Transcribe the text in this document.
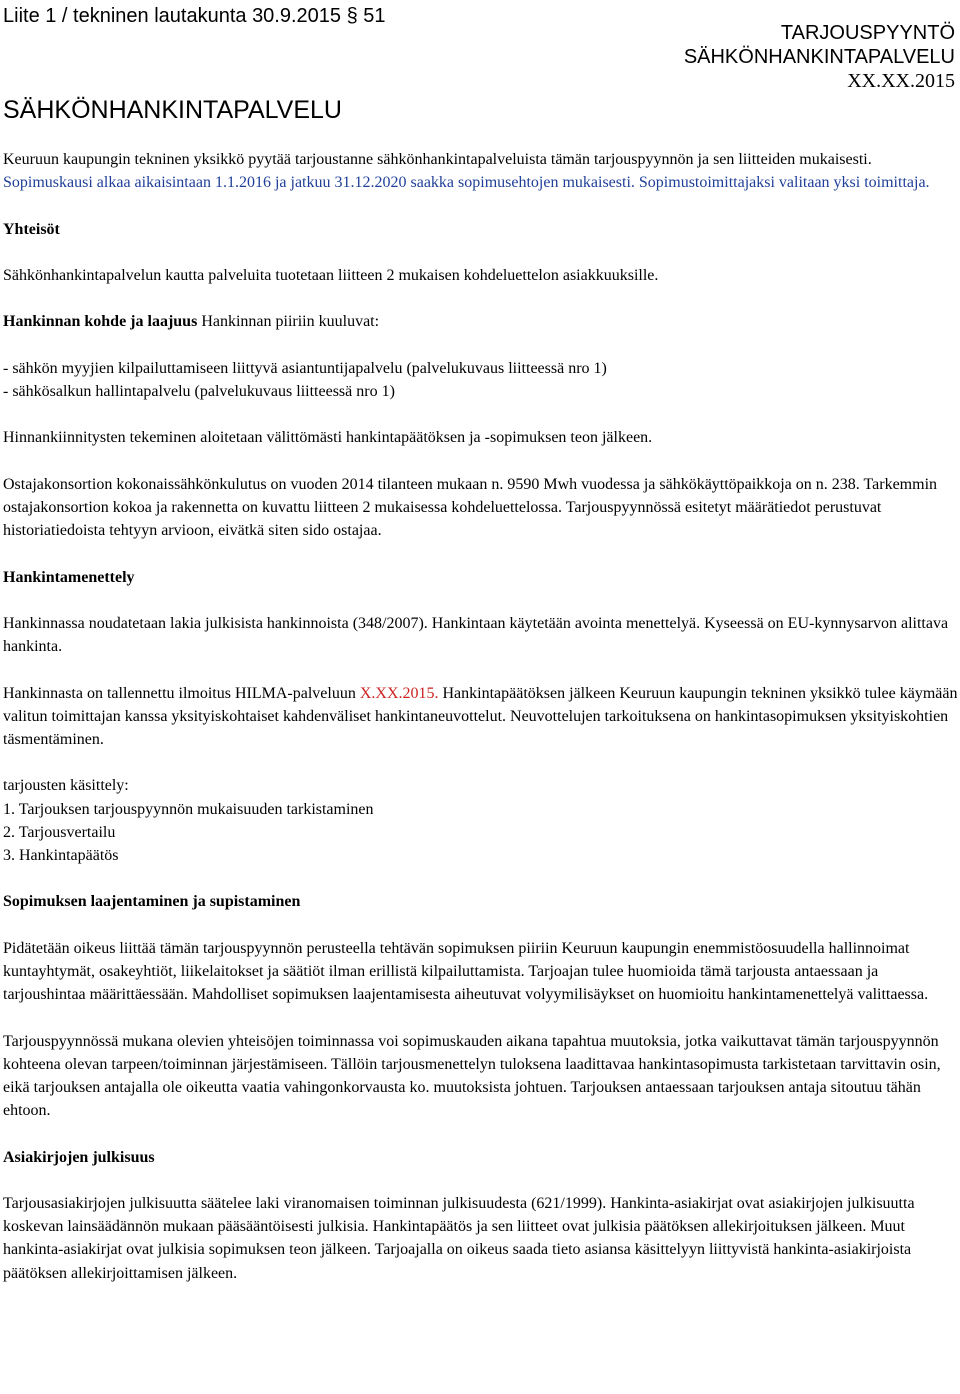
Liite 1 / tekninen lautakunta 30.9.2015 § 51
TARJOUSPYYNTÖ
SÄHKÖNHANKINTAPALVELU
XX.XX.2015
SÄHKÖNHANKINTAPALVELU

Keuruun kaupungin tekninen yksikkö pyytää tarjoustanne sähkönhankintapalveluista tämän tarjouspyynnön ja sen liitteiden mukaisesti. Sopimuskausi alkaa aikaisintaan 1.1.2016 ja jatkuu 31.12.2020 saakka sopimusehtojen mukaisesti. Sopimustoimittajaksi valitaan yksi toimittaja.

Yhteisöt

Sähkönhankintapalvelun kautta palveluita tuotetaan liitteen 2 mukaisen kohdeluettelon asiakkuuksille.

Hankinnan kohde ja laajuus Hankinnan piiriin kuuluvat:

- sähkön myyjien kilpailuttamiseen liittyvä asiantuntijapalvelu (palvelukuvaus liitteessä nro 1)

- sähkösalkun hallintapalvelu (palvelukuvaus liitteessä nro 1)

Hinnankiinnitysten tekeminen aloitetaan välittömästi hankintapäätöksen ja -sopimuksen teon jälkeen.

Ostajakonsortion kokonaissähkönkulutus on vuoden 2014 tilanteen mukaan n. 9590 Mwh vuodessa ja sähkökäyttöpaikkoja on n. 238. Tarkemmin ostajakonsortion kokoa ja rakennetta on kuvattu liitteen 2 mukaisessa kohdeluettelossa. Tarjouspyynnössä esitetyt määrätiedot perustuvat historiatiedoista tehtyyn arvioon, eivätkä siten sido ostajaa.

Hankintamenettely

Hankinnassa noudatetaan lakia julkisista hankinnoista (348/2007). Hankintaan käytetään avointa menettelyä. Kyseessä on EU-kynnysarvon alittava hankinta.

Hankinnasta on tallennettu ilmoitus HILMA-palveluun X.XX.2015. Hankintapäätöksen jälkeen Keuruun kaupungin tekninen yksikkö tulee käymään valitun toimittajan kanssa yksityiskohtaiset kahdenväliset hankintaneuvottelut. Neuvottelujen tarkoituksena on hankintasopimuksen yksityiskohtien täsmentäminen.

tarjousten käsittely:

1. Tarjouksen tarjouspyynnön mukaisuuden tarkistaminen

2. Tarjousvertailu

3. Hankintapäätös

Sopimuksen laajentaminen ja supistaminen

Pidätetään oikeus liittää tämän tarjouspyynnön perusteella tehtävän sopimuksen piiriin Keuruun kaupungin enemmistöosuudella hallinnoimat kuntayhtymät, osakeyhtiöt, liikelaitokset ja säätiöt ilman erillistä kilpailuttamista. Tarjoajan tulee huomioida tämä tarjousta antaessaan ja tarjoushintaa määrittäessään. Mahdolliset sopimuksen laajentamisesta aiheutuvat volyymilisäykset on huomioitu hankintamenettelyä valittaessa.

Tarjouspyynnössä mukana olevien yhteisöjen toiminnassa voi sopimuskauden aikana tapahtua muutoksia, jotka vaikuttavat tämän tarjouspyynnön kohteena olevan tarpeen/toiminnan järjestämiseen. Tällöin tarjousmenettelyn tuloksena laadittavaa hankintasopimusta tarkistetaan tarvittavin osin, eikä tarjouksen antajalla ole oikeutta vaatia vahingonkorvausta ko. muutoksista johtuen. Tarjouksen antaessaan tarjouksen antaja sitoutuu tähän ehtoon.

Asiakirjojen julkisuus

Tarjousasiakirjojen julkisuutta säätelee laki viranomaisen toiminnan julkisuudesta (621/1999). Hankinta-asiakirjat ovat asiakirjojen julkisuutta koskevan lainsäädännön mukaan pääsääntöisesti julkisia. Hankintapäätös ja sen liitteet ovat julkisia päätöksen allekirjoituksen jälkeen. Muut hankinta-asiakirjat ovat julkisia sopimuksen teon jälkeen. Tarjoajalla on oikeus saada tieto asiansa käsittelyyn liittyvistä hankinta-asiakirjoista päätöksen allekirjoittamisen jälkeen.
